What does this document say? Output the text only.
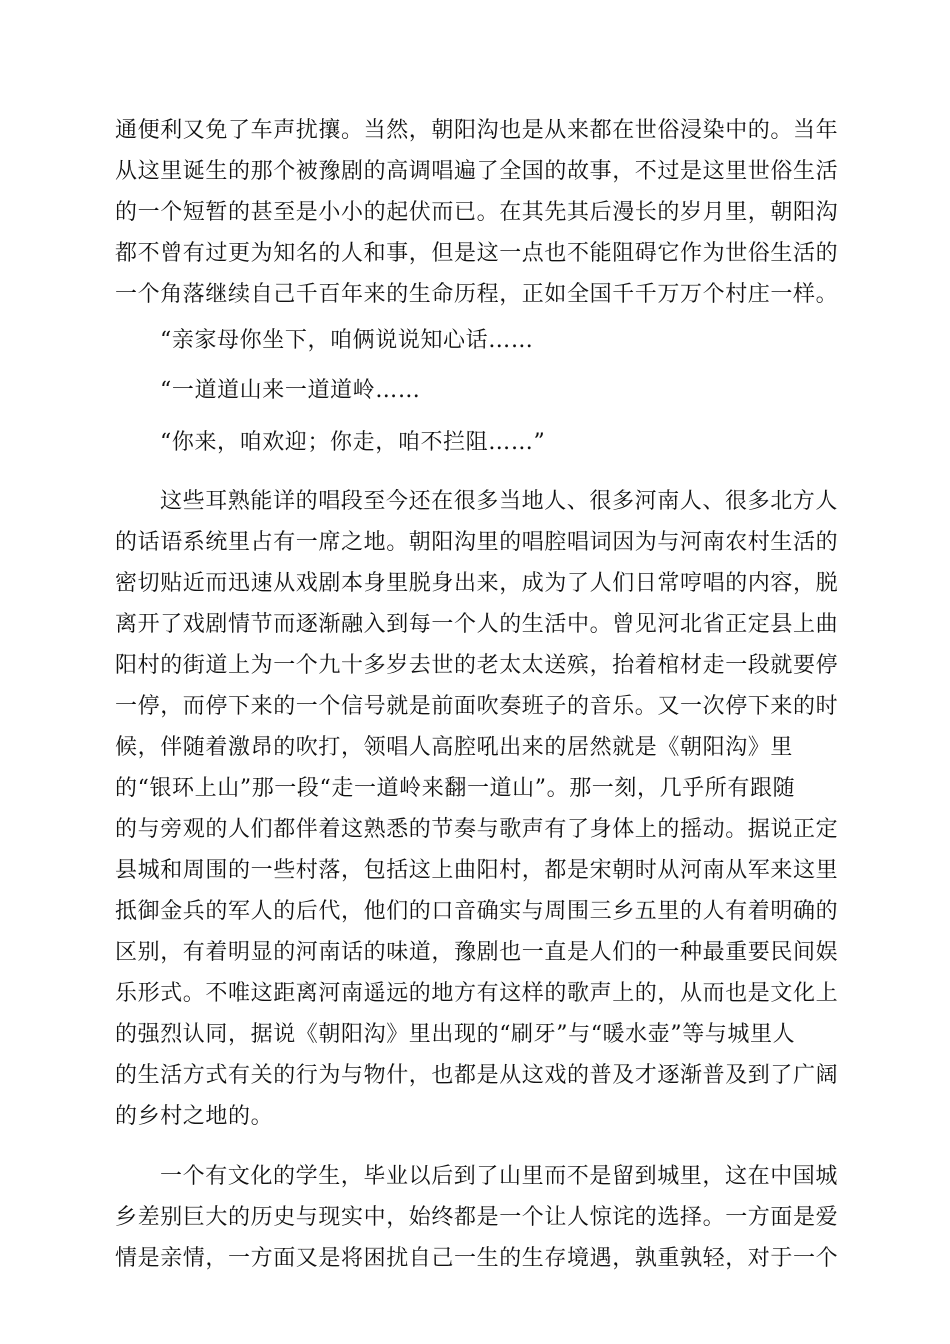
通便利又免了车声扰攘。当然，朝阳沟也是从来都在世俗浸染中的。当年
从这里诞生的那个被豫剧的高调唱遍了全国的故事，不过是这里世俗生活
的一个短暂的甚至是小小的起伏而已。在其先其后漫长的岁月里，朝阳沟
都不曾有过更为知名的人和事，但是这一点也不能阻碍它作为世俗生活的
一个角落继续自己千百年来的生命历程，正如全国千千万万个村庄一样。
“亲家母你坐下，咱俩说说知心话……
“一道道山来一道道岭……
“你来，咱欢迎；你走，咱不拦阻……”
这些耳熟能详的唱段至今还在很多当地人、很多河南人、很多北方人
的话语系统里占有一席之地。朝阳沟里的唱腔唱词因为与河南农村生活的
密切贴近而迅速从戏剧本身里脱身出来，成为了人们日常哼唱的内容，脱
离开了戏剧情节而逐渐融入到每一个人的生活中。曾见河北省正定县上曲
阳村的街道上为一个九十多岁去世的老太太送殡，抬着棺材走一段就要停
一停，而停下来的一个信号就是前面吹奏班子的音乐。又一次停下来的时
候，伴随着激昂的吹打，领唱人高腔吼出来的居然就是《朝阳沟》里
的“银环上山”那一段“走一道岭来翻一道山”。那一刻，几乎所有跟随
的与旁观的人们都伴着这熟悉的节奏与歌声有了身体上的摇动。据说正定
县城和周围的一些村落，包括这上曲阳村，都是宋朝时从河南从军来这里
抵御金兵的军人的后代，他们的口音确实与周围三乡五里的人有着明确的
区别，有着明显的河南话的味道，豫剧也一直是人们的一种最重要民间娱
乐形式。不唯这距离河南遥远的地方有这样的歌声上的，从而也是文化上
的强烈认同，据说《朝阳沟》里出现的“刷牙”与“暖水壶”等与城里人
的生活方式有关的行为与物什，也都是从这戏的普及才逐渐普及到了广阔
的乡村之地的。
一个有文化的学生，毕业以后到了山里而不是留到城里，这在中国城
乡差别巨大的历史与现实中，始终都是一个让人惊诧的选择。一方面是爱
情是亲情，一方面又是将困扰自己一生的生存境遇，孰重孰轻，对于一个
